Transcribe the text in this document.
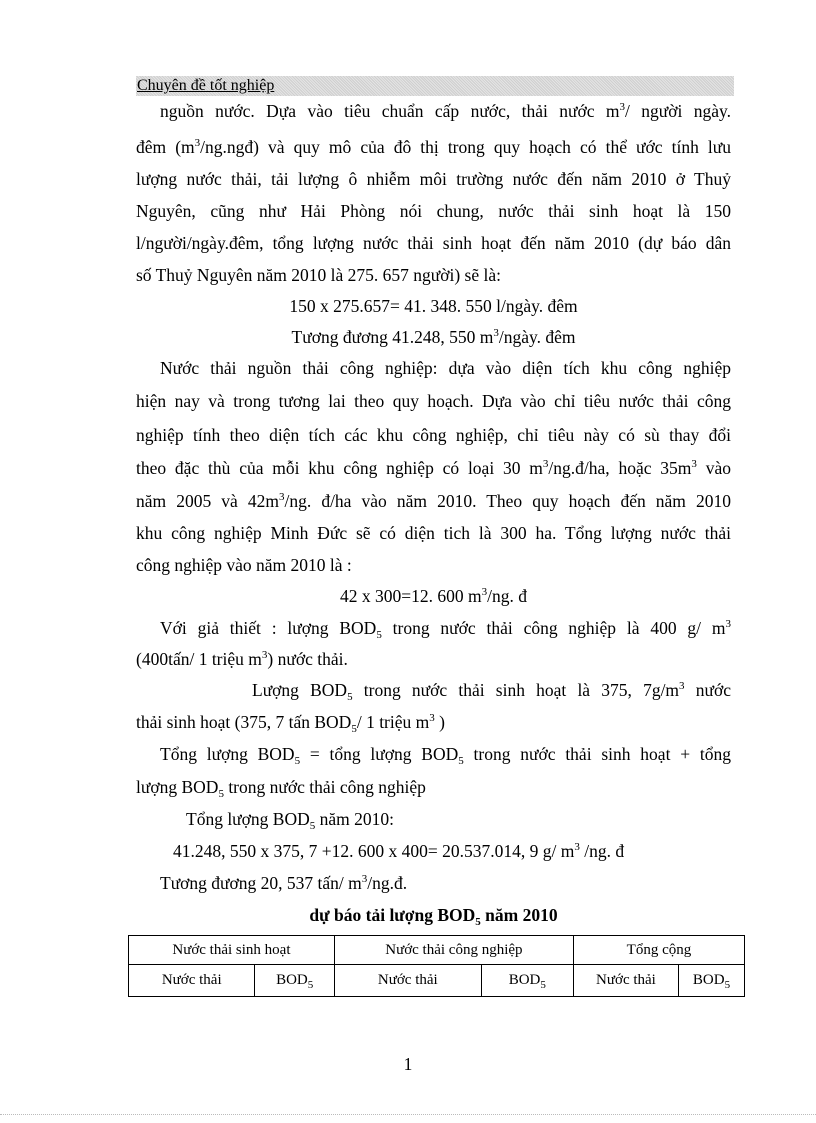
Chuyên đề tốt nghiệp
nguồn nước. Dựa vào tiêu chuẩn cấp nước, thải nước $m^3/$ người ngày.
đêm $(m^3/ng.ngđ)$ và quy mô của đô thị trong quy hoạch có thể ước tính lưu
lượng nước thải, tải lượng ô nhiễm môi trường nước đến năm 2010 ở Thuỷ
Nguyên, cũng như Hải Phòng nói chung, nước thải sinh hoạt là 150
l/người/ngày.đêm, tổng lượng nước thải sinh hoạt đến năm 2010 (dự báo dân
số Thuỷ Nguyên năm 2010 là 275. 657 người) sẽ là:
150 x 275.657= 41. 348. 550 l/ngày. đêm
Tương đương 41.248, 550 $m^3$/ngày. đêm
Nước thải nguồn thải công nghiệp: dựa vào diện tích khu công nghiệp
hiện nay và trong tương lai theo quy hoạch. Dựa vào chỉ tiêu nước thải công
nghiệp tính theo diện tích các khu công nghiệp, chỉ tiêu này có sù thay đổi
theo đặc thù của mỗi khu công nghiệp có loại 30 $m^3/ng.đ/ha$, hoặc $35m^3$ vào
năm 2005 và $42m^3/ng$. đ/ha vào năm 2010. Theo quy hoạch đến năm 2010
khu công nghiệp Minh Đức sẽ có diện tich là 300 ha. Tổng lượng nước thải
công nghiệp vào năm 2010 là :
42 x 300=12. 600 $m^3/ng$. đ
Với giả thiết : lượng $BOD_5$ trong nước thải công nghiệp là 400 g/ $m^3$
(400tấn/ 1 triệu $m^3$) nước thải.
Lượng $BOD_5$ trong nước thải sinh hoạt là 375, $7g/m^3$ nước
thải sinh hoạt (375, 7 tấn $BOD_5/$ 1 triệu $m^3$ )
Tổng lượng $BOD_5$ = tổng lượng $BOD_5$ trong nước thải sinh hoạt + tổng
lượng $BOD_5$ trong nước thải công nghiệp
Tổng lượng $BOD_5$ năm 2010:
41.248, 550 x 375, 7 +12. 600 x 400= 20.537.014, 9 g/ $m^3$ /ng. đ
Tương đương 20, 537 tấn/ $m^3/ng.đ$.
dự báo tải lượng $BOD_5$ năm 2010
Nước thải sinh hoạt		Nước thải công nghiệp		Tổng cộng	
Nước thải	$BOD_5$	Nước thải	$BOD_5$	Nước thải	$BOD_5$
1
